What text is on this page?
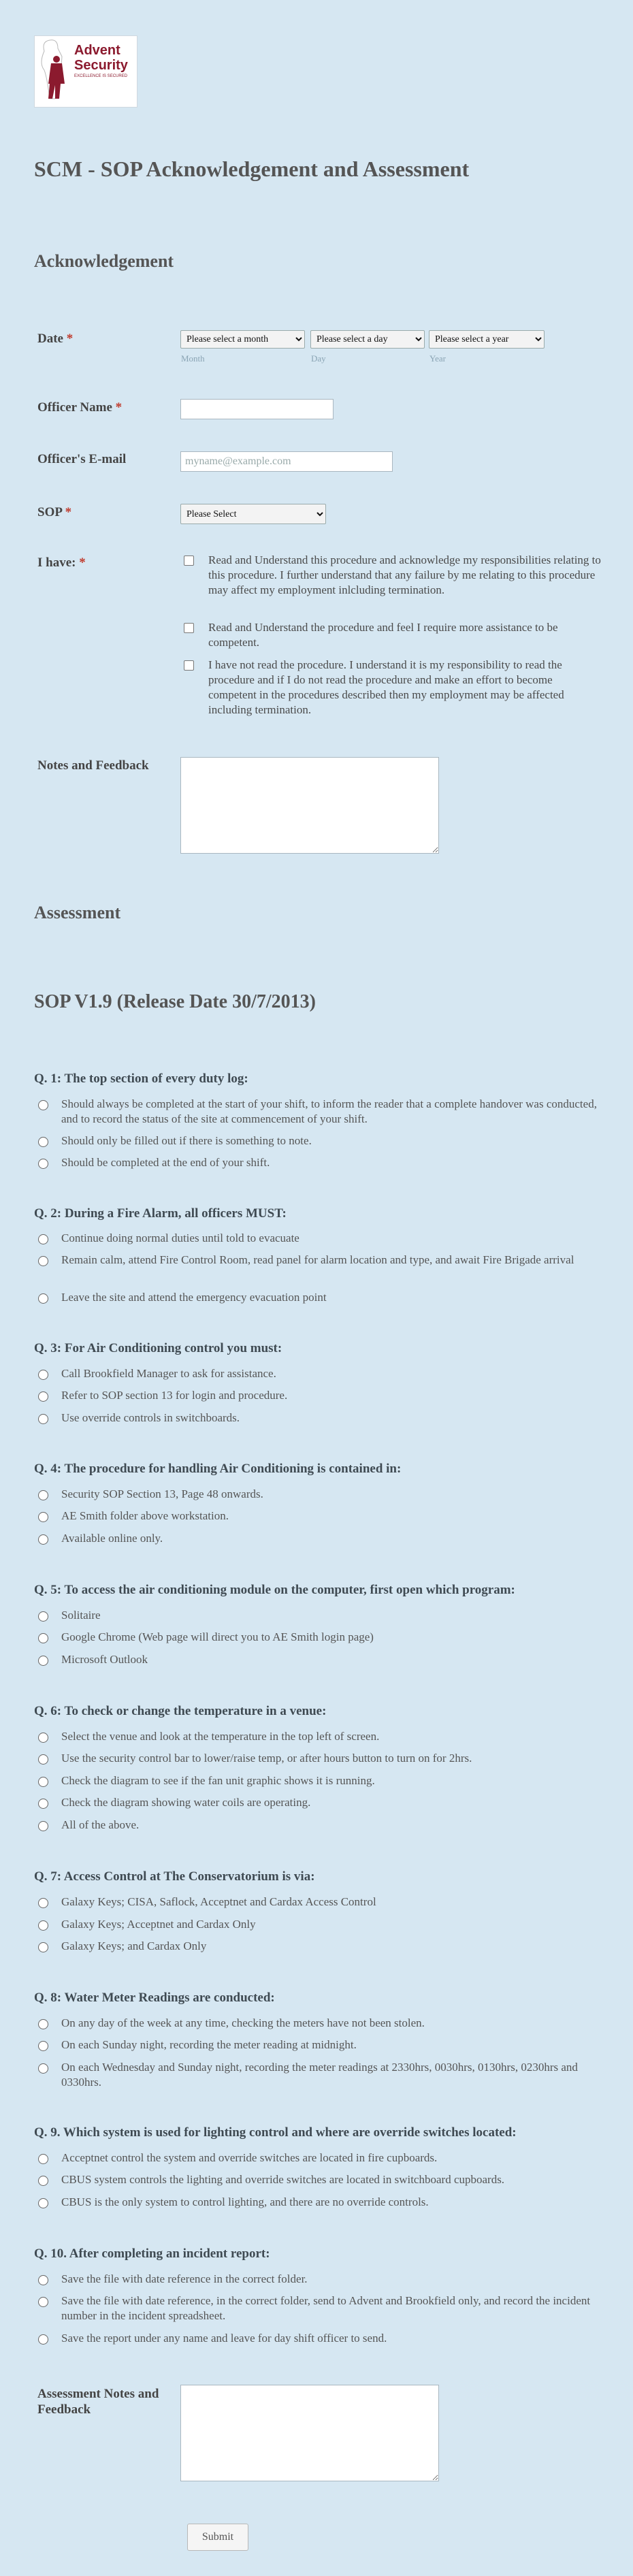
Advent
Security
EXCELLENCE IS SECURED
SCM - SOP Acknowledgement and Assessment
Acknowledgement
Date *
Please select a month
Please select a day
Please select a year
Month	Day	Year
Officer Name *
Officer's E-mail
myname@example.com
SOP *
Please Select
I have: *	Read and Understand this procedure and acknowledge my responsibilities relating to this procedure. I further understand that any failure by me relating to this procedure may affect my employment inlcluding termination.
Read and Understand the procedure and feel I require more assistance to be competent.
I have not read the procedure. I understand it is my responsibility to read the procedure and if I do not read the procedure and make an effort to become competent in the procedures described then my employment may be affected including termination.
Notes and Feedback
Assessment
SOP V1.9 (Release Date 30/7/2013)
Q. 1: The top section of every duty log:
Should always be completed at the start of your shift, to inform the reader that a complete handover was conducted, and to record the status of the site at commencement of your shift.
Should only be filled out if there is something to note.
Should be completed at the end of your shift.
Q. 2: During a Fire Alarm, all officers MUST:
Continue doing normal duties until told to evacuate
Remain calm, attend Fire Control Room, read panel for alarm location and type, and await Fire Brigade arrival
Leave the site and attend the emergency evacuation point
Q. 3: For Air Conditioning control you must:
Call Brookfield Manager to ask for assistance.
Refer to SOP section 13 for login and procedure.
Use override controls in switchboards.
Q. 4: The procedure for handling Air Conditioning is contained in:
Security SOP Section 13, Page 48 onwards.
AE Smith folder above workstation.
Available online only.
Q. 5: To access the air conditioning module on the computer, first open which program:
Solitaire
Google Chrome (Web page will direct you to AE Smith login page)
Microsoft Outlook
Q. 6: To check or change the temperature in a venue:
Select the venue and look at the temperature in the top left of screen.
Use the security control bar to lower/raise temp, or after hours button to turn on for 2hrs.
Check the diagram to see if the fan unit graphic shows it is running.
Check the diagram showing water coils are operating.
All of the above.
Q. 7: Access Control at The Conservatorium is via:
Galaxy Keys; CISA, Saflock, Acceptnet and Cardax Access Control
Galaxy Keys; Acceptnet and Cardax Only
Galaxy Keys; and Cardax Only
Q. 8: Water Meter Readings are conducted:
On any day of the week at any time, checking the meters have not been stolen.
On each Sunday night, recording the meter reading at midnight.
On each Wednesday and Sunday night, recording the meter readings at 2330hrs, 0030hrs, 0130hrs, 0230hrs and 0330hrs.
Q. 9. Which system is used for lighting control and where are override switches located:
Acceptnet control the system and override switches are located in fire cupboards.
CBUS system controls the lighting and override switches are located in switchboard cupboards.
CBUS is the only system to control lighting, and there are no override controls.
Q. 10. After completing an incident report:
Save the file with date reference in the correct folder.
Save the file with date reference, in the correct folder, send to Advent and Brookfield only, and record the incident number in the incident spreadsheet.
Save the report under any name and leave for day shift officer to send.
Assessment Notes and Feedback
Submit
